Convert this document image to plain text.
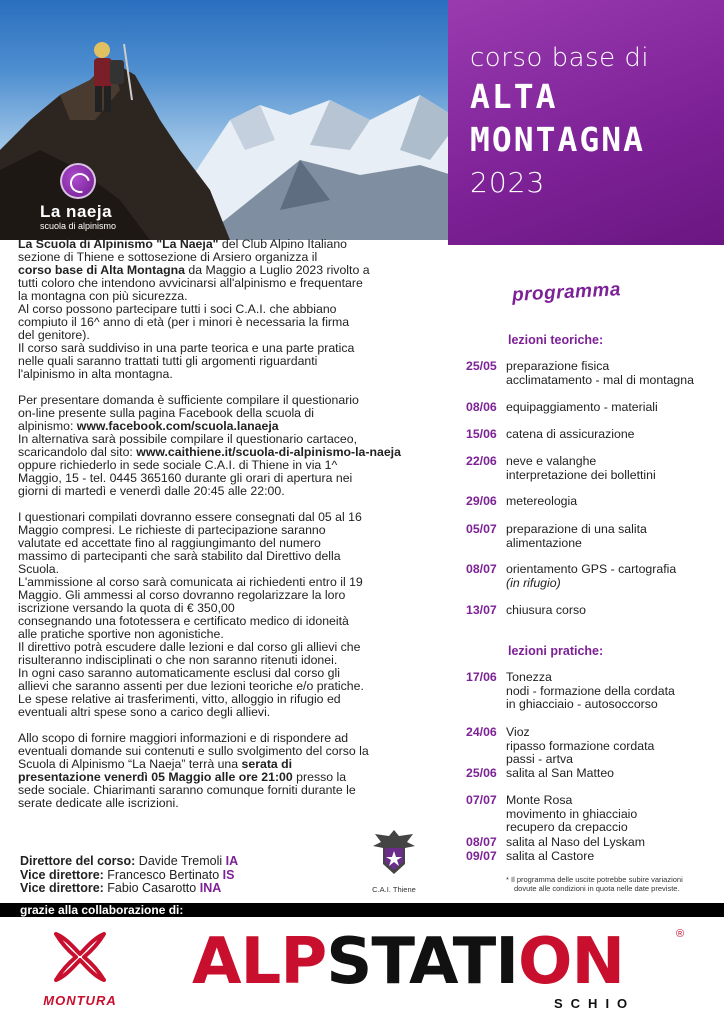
La naeja
scuola di alpinismo
corso base di
ALTA
MONTAGNA
2023

La Scuola di Alpinismo "La Naeja" del Club Alpino Italiano
sezione di Thiene e sottosezione di Arsiero organizza il
corso base di Alta Montagna da Maggio a Luglio 2023 rivolto a
tutti coloro che intendono avvicinarsi all'alpinismo e frequentare
la montagna con più sicurezza.
Al corso possono partecipare tutti i soci C.A.I. che abbiano
compiuto il 16^ anno di età (per i minori è necessaria la firma
del genitore).
Il corso sarà suddiviso in una parte teorica e una parte pratica
nelle quali saranno trattati tutti gli argomenti riguardanti
l'alpinismo in alta montagna.

Per presentare domanda è sufficiente compilare il questionario
on-line presente sulla pagina Facebook della scuola di
alpinismo: www.facebook.com/scuola.lanaeja
In alternativa sarà possibile compilare il questionario cartaceo,
scaricandolo dal sito: www.caithiene.it/scuola-di-alpinismo-la-naeja
oppure richiederlo in sede sociale C.A.I. di Thiene in via 1^
Maggio, 15 - tel. 0445 365160 durante gli orari di apertura nei
giorni di martedì e venerdì dalle 20:45 alle 22:00.

I questionari compilati dovranno essere consegnati dal 05 al 16
Maggio compresi. Le richieste di partecipazione saranno
valutate ed accettate fino al raggiungimanto del numero
massimo di partecipanti che sarà stabilito dal Direttivo della
Scuola.
L'ammissione al corso sarà comunicata ai richiedenti entro il 19
Maggio. Gli ammessi al corso dovranno regolarizzare la loro
iscrizione versando la quota di € 350,00
consegnando una fototessera e certificato medico di idoneità
alle pratiche sportive non agonistiche.
Il direttivo potrà escudere dalle lezioni e dal corso gli allievi che
risulteranno indisciplinati o che non saranno ritenuti idonei.
In ogni caso saranno automaticamente esclusi dal corso gli
allievi che saranno assenti per due lezioni teoriche e/o pratiche.
Le spese relative ai trasferimenti, vitto, alloggio in rifugio ed
eventuali altri spese sono a carico degli allievi.

Allo scopo di fornire maggiori informazioni e di rispondere ad
eventuali domande sui contenuti e sullo svolgimento del corso la
Scuola di Alpinismo “La Naeja” terrà una serata di
presentazione venerdì 05 Maggio alle ore 21:00 presso la
sede sociale. Chiarimanti saranno comunque forniti durante le
serate dedicate alle iscrizioni.

programma
lezioni teoriche:
25/05 preparazione fisica
acclimatamento - mal di montagna
08/06 equipaggiamento - materiali
15/06 catena di assicurazione
22/06 neve e valanghe
interpretazione dei bollettini
29/06 metereologia
05/07 preparazione di una salita
alimentazione
08/07 orientamento GPS - cartografia
(in rifugio)
13/07 chiusura corso
lezioni pratiche:
17/06 Tonezza
nodi - formazione della cordata
in ghiacciaio - autosoccorso
24/06 Vioz
ripasso formazione cordata
passi - artva
25/06 salita al San Matteo
07/07 Monte Rosa
movimento in ghiacciaio
recupero da crepaccio
08/07 salita al Naso del Lyskam
09/07 salita al Castore
* Il programma delle uscite potrebbe subire variazioni
dovute alle condizioni in quota nelle date previste.
Direttore del corso: Davide Tremoli IA
Vice direttore: Francesco Bertinato IS
Vice direttore: Fabio Casarotto INA	C.A.I. Thiene
grazie alla collaborazione di:
MONTURA
ALPSTATION	®
SCHIO
